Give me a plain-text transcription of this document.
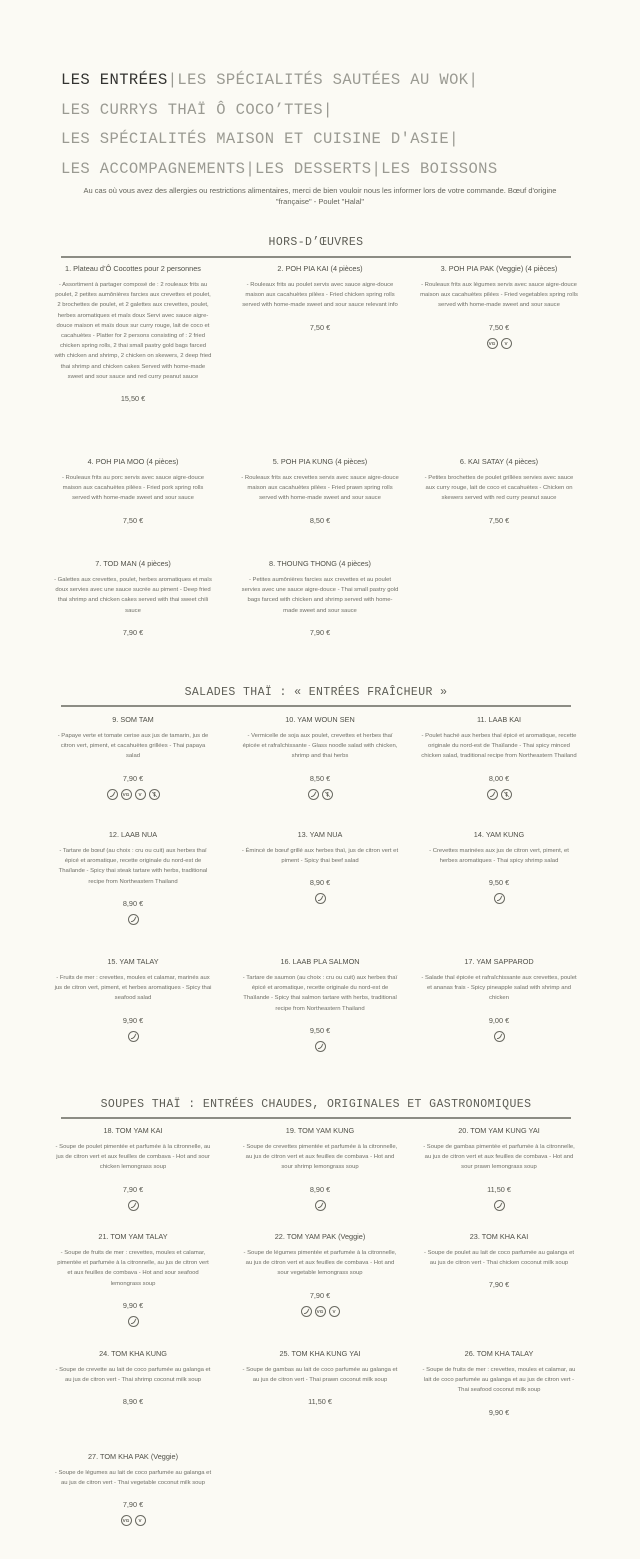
LES ENTRÉES|LES SPÉCIALITÉS SAUTÉES AU WOK|
LES CURRYS THAÏ Ô COCO’TTES|
LES SPÉCIALITÉS MAISON ET CUISINE D'ASIE|
LES ACCOMPAGNEMENTS|LES DESSERTS|LES BOISSONS

Au cas où vous avez des allergies ou restrictions alimentaires, merci de bien vouloir nous les informer lors de votre commande. Bœuf d'origine "française" - Poulet "Halal"

HORS-D’ŒUVRES
SALADES THAÏ : « ENTRÉES FRAÎCHEUR »
SOUPES THAÏ : ENTRÉES CHAUDES, ORIGINALES ET GASTRONOMIQUES
1. Plateau d’Ô Cocottes pour 2 personnes
- Assortiment à partager composé de : 2 rouleaux frits au poulet, 2 petites aumônières farcies aux crevettes et poulet, 2 brochettes de poulet, et 2 galettes aux crevettes, poulet, herbes aromatiques et maïs doux Servi avec sauce aigre-douce maison et maïs doux sur curry rouge, lait de coco et cacahuètes - Platter for 2 persons consisting of : 2 fried chicken spring rolls, 2 thai small pastry gold bags farced with chicken and shrimp, 2 chicken on skewers, 2 deep fried thai shrimp and chicken cakes Served with home-made sweet and sour sauce and red curry peanut sauce
15,50 €
2. POH PIA KAI (4 pièces)
- Rouleaux frits au poulet servis avec sauce aigre-douce maison aux cacahuètes pilées - Fried chicken spring rolls served with home-made sweet and sour sauce relevant info
7,50 €
3. POH PIA PAK (Veggie) (4 pièces)
- Rouleaux frits aux légumes servis avec sauce aigre-douce maison aux cacahuètes pilées - Fried vegetables spring rolls served with home-made sweet and sour sauce
7,50 €
VG	V
4. POH PIA MOO (4 pièces)
- Rouleaux frits au porc servis avec sauce aigre-douce maison aux cacahuètes pilées - Fried pork spring rolls served with home-made sweet and sour sauce
7,50 €
5. POH PIA KUNG (4 pièces)
- Rouleaux frits aux crevettes servis avec sauce aigre-douce maison aux cacahuètes pilées - Fried prawn spring rolls served with home-made sweet and sour sauce
8,50 €
6. KAI SATAY (4 pièces)
- Petites brochettes de poulet grillées servies avec sauce aux curry rouge, lait de coco et cacahuètes - Chicken on skewers served with red curry peanut sauce
7,50 €
7. TOD MAN (4 pièces)
- Galettes aux crevettes, poulet, herbes aromatiques et maïs doux servies avec une sauce sucrée au piment - Deep fried thai shrimp and chicken cakes served with thai sweet chili sauce
7,90 €
8. THOUNG THONG (4 pièces)
- Petites aumônières farcies aux crevettes et au poulet servies avec une sauce aigre-douce - Thai small pastry gold bags farced with chicken and shrimp served with home-made sweet and sour sauce
7,90 €
9. SOM TAM
- Papaye verte et tomate cerise aux jus de tamarin, jus de citron vert, piment, et cacahuètes grillées - Thai papaya salad
7,90 €
VG	V
10. YAM WOUN SEN
- Vermicelle de soja aux poulet, crevettes et herbes thaï épicée et rafraîchissante - Glass noodle salad with chicken, shrimp and thai herbs
8,50 €
11. LAAB KAI
- Poulet haché aux herbes thaï épicé et aromatique, recette originale du nord-est de Thaïlande - Thai spicy minced chicken salad, traditional recipe from Northeastern Thailand
8,00 €
12. LAAB NUA
- Tartare de bœuf (au choix : cru ou cuit) aux herbes thaï épicé et aromatique, recette originale du nord-est de Thaïlande - Spicy thai steak tartare with herbs, traditional recipe from Northeastern Thailand
8,90 €
13. YAM NUA
- Émincé de bœuf grillé aux herbes thaï, jus de citron vert et piment - Spicy thai beef salad
8,90 €
14. YAM KUNG
- Crevettes marinées aux jus de citron vert, piment, et herbes aromatiques - Thai spicy shrimp salad
9,50 €
15. YAM TALAY
- Fruits de mer : crevettes, moules et calamar, marinés aux jus de citron vert, piment, et herbes aromatiques - Spicy thai seafood salad
9,90 €
16. LAAB PLA SALMON
- Tartare de saumon (au choix : cru ou cuit) aux herbes thaï épicé et aromatique, recette originale du nord-est de Thaïlande - Spicy thai salmon tartare with herbs, traditional recipe from Northeastern Thailand
9,50 €
17. YAM SAPPAROD
- Salade thaï épicée et rafraîchissante aux crevettes, poulet et ananas frais - Spicy pineapple salad with shrimp and chicken
9,00 €
18. TOM YAM KAI
- Soupe de poulet pimentée et parfumée à la citronnelle, au jus de citron vert et aux feuilles de combava - Hot and sour chicken lemongrass soup
7,90 €
19. TOM YAM KUNG
- Soupe de crevettes pimentée et parfumée à la citronnelle, au jus de citron vert et aux feuilles de combava - Hot and sour shrimp lemongrass soup
8,90 €
20. TOM YAM KUNG YAI
- Soupe de gambas pimentée et parfumée à la citronnelle, au jus de citron vert et aux feuilles de combava - Hot and sour prawn lemongrass soup
11,50 €
21. TOM YAM TALAY
- Soupe de fruits de mer : crevettes, moules et calamar, pimentée et parfumée à la citronnelle, au jus de citron vert et aux feuilles de combava - Hot and sour seafood lemongrass soup
9,90 €
22. TOM YAM PAK (Veggie)
- Soupe de légumes pimentée et parfumée à la citronnelle, au jus de citron vert et aux feuilles de combava - Hot and sour vegetable lemongrass soup
7,90 €
VG	V
23. TOM KHA KAI
- Soupe de poulet au lait de coco parfumée au galanga et au jus de citron vert - Thai chicken coconut milk soup
7,90 €
24. TOM KHA KUNG
- Soupe de crevette au lait de coco parfumée au galanga et au jus de citron vert - Thai shrimp coconut milk soup
8,90 €
25. TOM KHA KUNG YAI
- Soupe de gambas au lait de coco parfumée au galanga et au jus de citron vert - Thai prawn coconut milk soup
11,50 €
26. TOM KHA TALAY
- Soupe de fruits de mer : crevettes, moules et calamar, au lait de coco parfumée au galanga et au jus de citron vert - Thai seafood coconut milk soup
9,90 €
27. TOM KHA PAK (Veggie)
- Soupe de légumes au lait de coco parfumée au galanga et au jus de citron vert - Thai vegetable coconut milk soup
7,90 €
VG	V
